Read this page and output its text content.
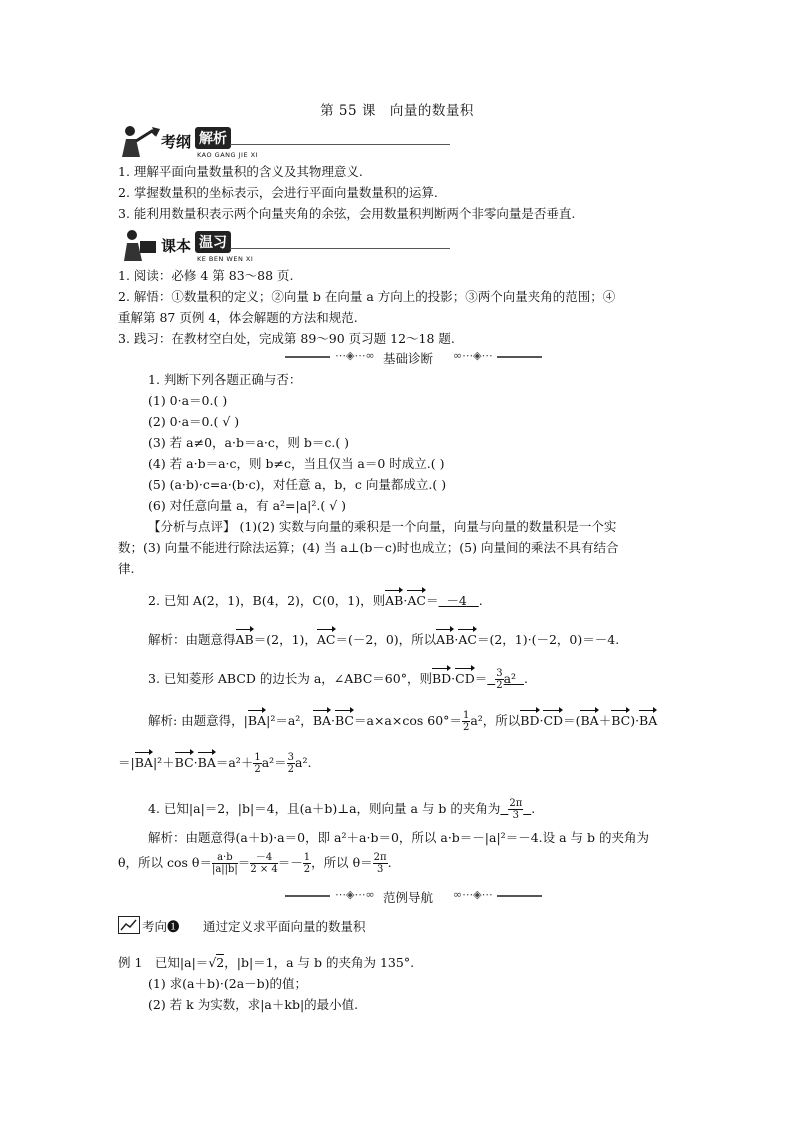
第 55 课　向量的数量积
考纲 解析
KAO GANG JIE XI
1. 理解平面向量数量积的含义及其物理意义.
2. 掌握数量积的坐标表示，会进行平面向量数量积的运算.
3. 能利用数量积表示两个向量夹角的余弦，会用数量积判断两个非零向量是否垂直.
课本 温习
KE BEN WEN XI
1. 阅读：必修 4 第 83～88 页.
2. 解悟：①数量积的定义；②向量 b 在向量 a 方向上的投影；③两个向量夹角的范围；④
重解第 87 页例 4，体会解题的方法和规范.
3. 践习：在教材空白处，完成第 89～90 页习题 12～18 题.
⋯◈⋯∞ 基础诊断 ∞⋯◈⋯
1. 判断下列各题正确与否：
(1) 0·a＝0.( )
(2) 0·a＝0.( √ )
(3) 若 a≠0，a·b＝a·c，则 b＝c.( )
(4) 若 a·b＝a·c，则 b≠c，当且仅当 a＝0 时成立.( )
(5) (a·b)·c=a·(b·c)，对任意 a，b，c 向量都成立.( )
(6) 对任意向量 a，有 a²=|a|².( √ )
【分析与点评】 (1)(2) 实数与向量的乘积是一个向量，向量与向量的数量积是一个实
数；(3) 向量不能进行除法运算；(4) 当 a⊥(b－c)时也成立；(5) 向量间的乘法不具有结合
律.
2. 已知 A(2，1)，B(4，2)，C(0，1)，则AB·AC＝ －4 .
解析：由题意得AB＝(2，1)，AC＝(－2，0)，所以AB·AC＝(2，1)·(－2，0)＝－4.
3. 已知菱形 ABCD 的边长为 a，∠ABC＝60°，则$BD\cdot CD= \frac{3}{2} a^2$ .
解析: 由题意得，|BA|²＝a²，BA·BC＝a×a×cos $60^\circ= \frac{1}{2} a^2$，所以BD·CD＝(BA＋BC)·BA
$=|BA|^2+BC\cdot BA=a^2+ \frac{1}{2} a^2= \frac{3}{2} a^2$.
4. 已知|a|＝2，|b|＝4，且(a＋b)⊥a，则向量 a 与 b 的夹角为 $\frac{2\pi}{3}$ .
解析：由题意得(a＋b)·a＝0，即 a²＋a·b＝0，所以 a·b＝－|a|²＝－4.设 a 与 b 的夹角为
θ，所以 $\cos \theta= \frac{a\cdot b}{|a||b|} = \frac{-4}{2 \times 4} =- \frac{1}{2}$ ，所以 $\theta= \frac{2\pi}{3}$ .
⋯◈⋯∞ 范例导航 ∞⋯◈⋯
考向❶ 通过定义求平面向量的数量积
例 1　已知|a|＝√2，|b|＝1，a 与 b 的夹角为 135°.
(1) 求(a＋b)·(2a－b)的值；
(2) 若 k 为实数，求|a＋kb|的最小值.
